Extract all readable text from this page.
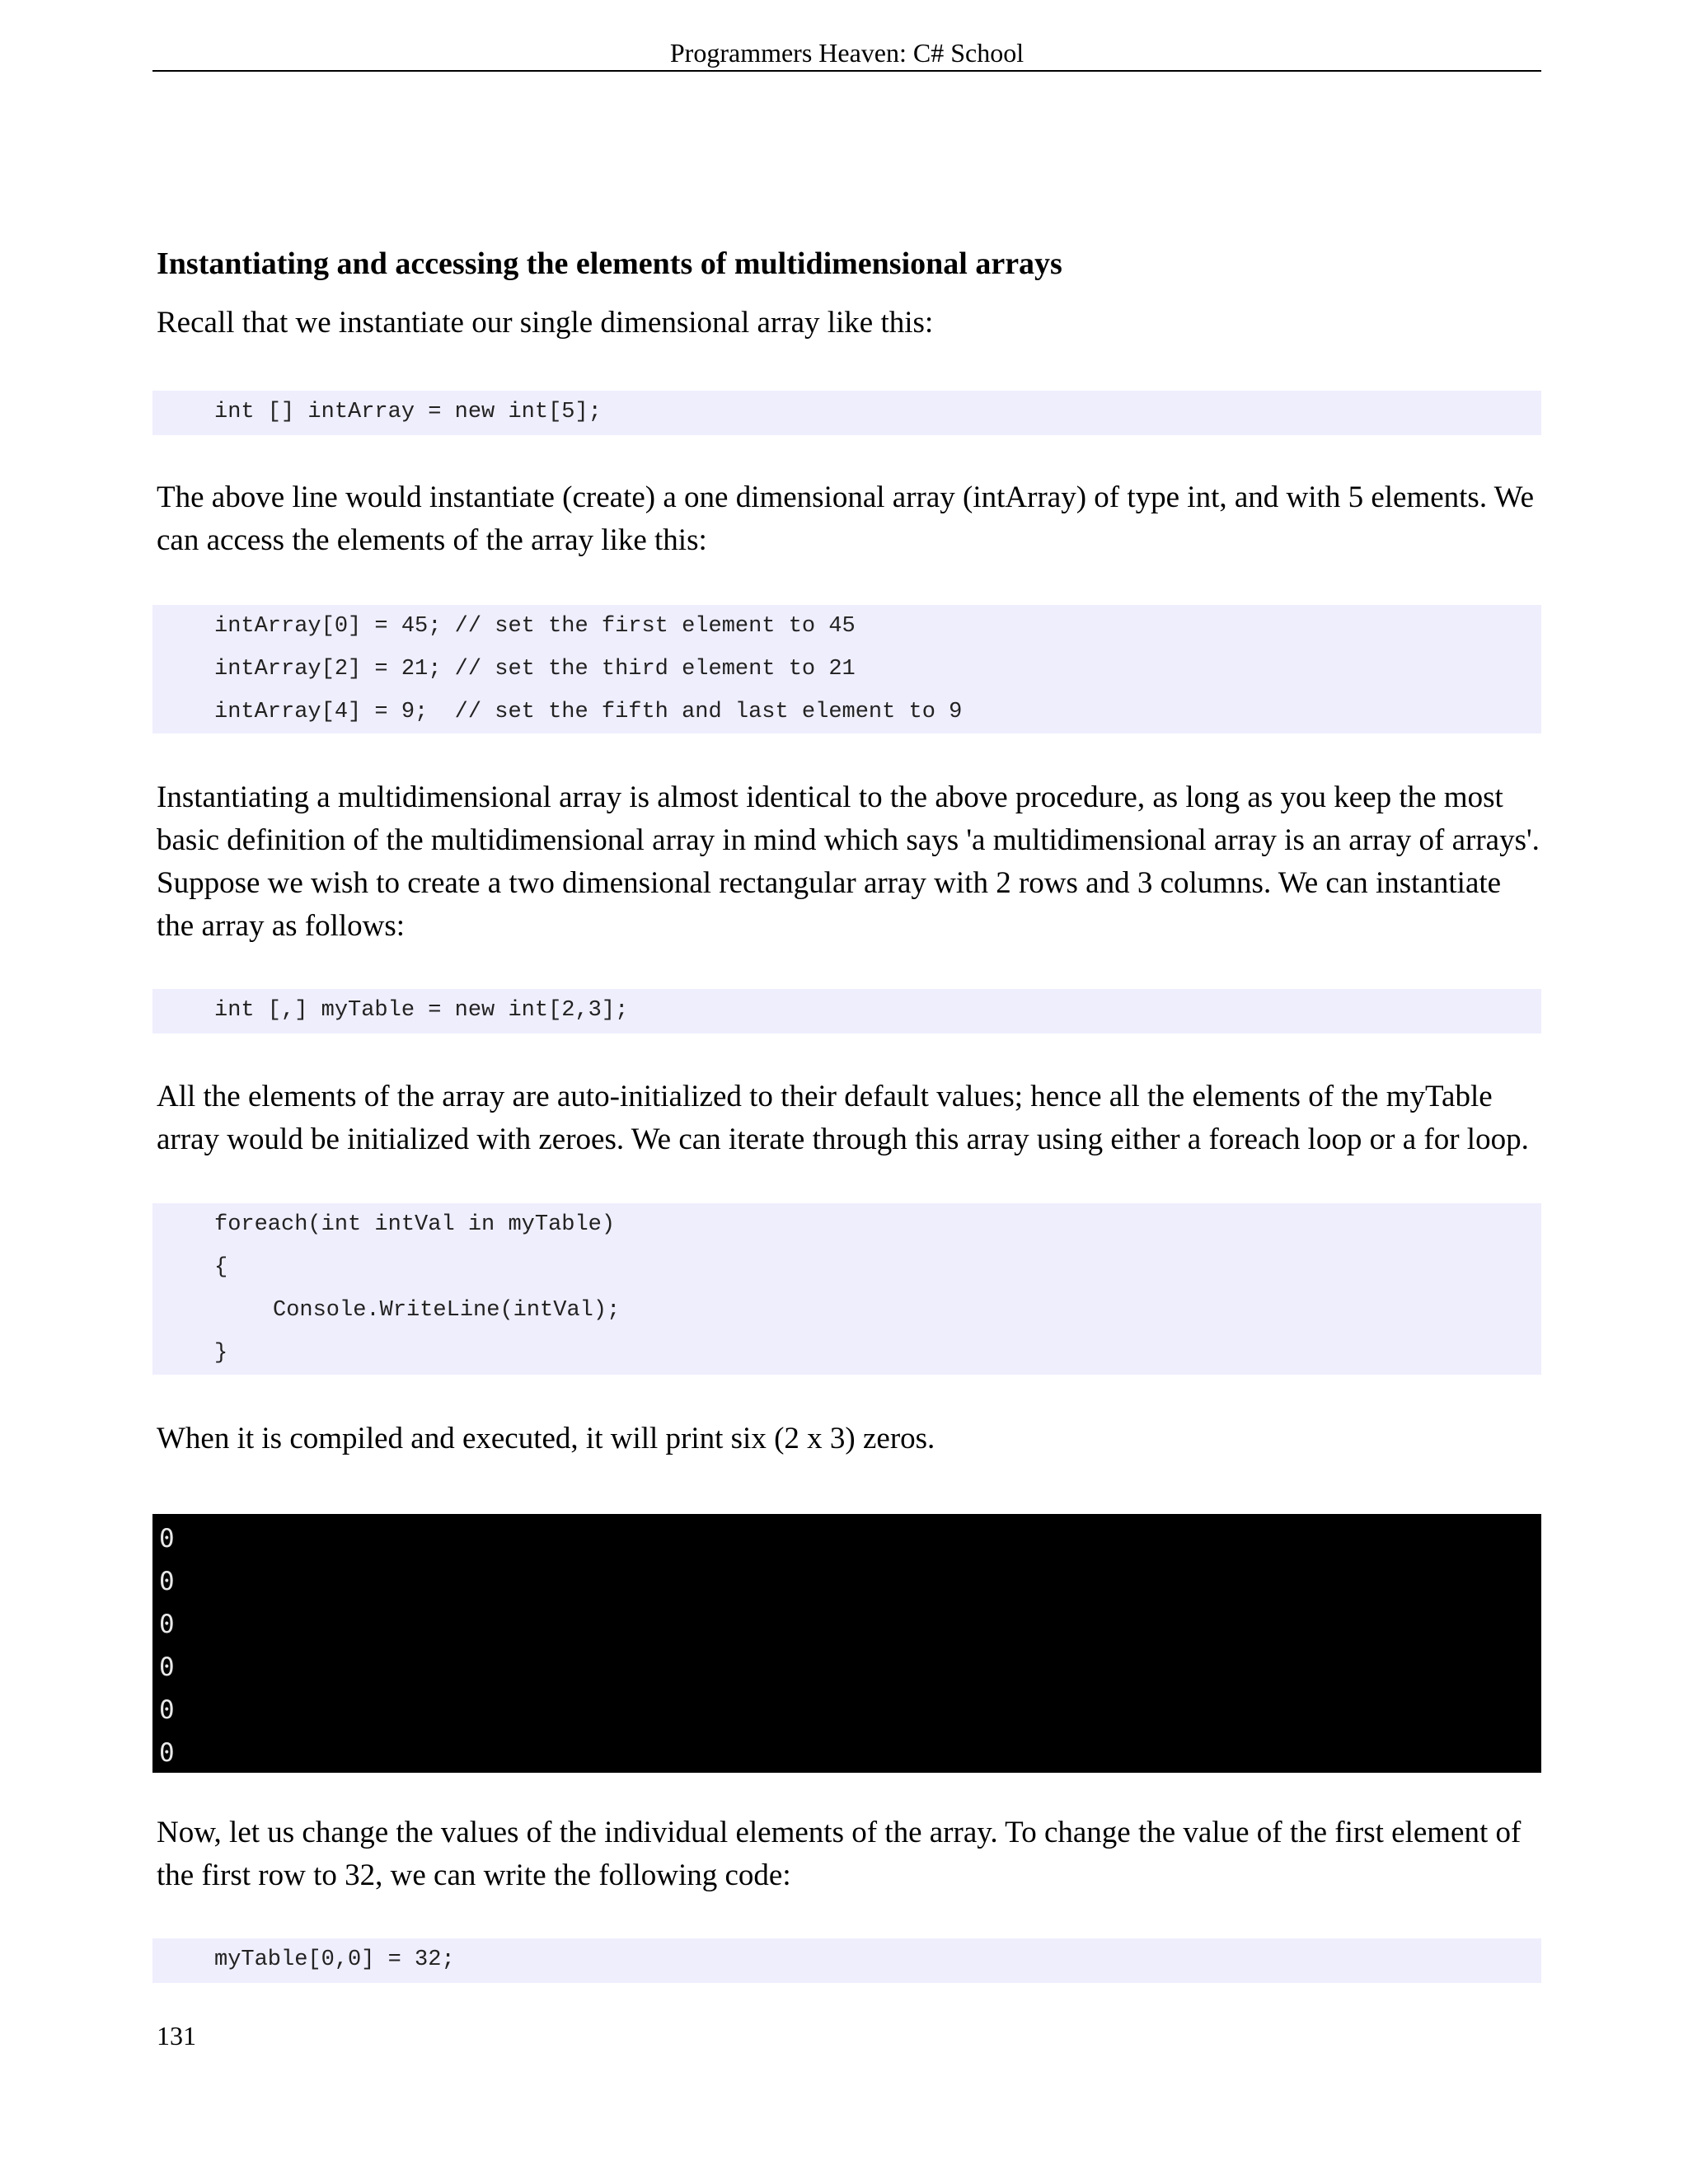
Programmers Heaven: C# School
Instantiating and accessing the elements of multidimensional arrays

Recall that we instantiate our single dimensional array like this:

int [] intArray = new int[5];

The above line would instantiate (create) a one dimensional array (intArray) of type int, and with 5 elements. We can access the elements of the array like this:

intArray[0] = 45; // set the first element to 45
intArray[2] = 21; // set the third element to 21
intArray[4] = 9;  // set the fifth and last element to 9

Instantiating a multidimensional array is almost identical to the above procedure, as long as you keep the most basic definition of the multidimensional array in mind which says 'a multidimensional array is an array of arrays'. Suppose we wish to create a two dimensional rectangular array with 2 rows and 3 columns. We can instantiate the array as follows:

int [,] myTable = new int[2,3];

All the elements of the array are auto-initialized to their default values; hence all the elements of the myTable array would be initialized with zeroes. We can iterate through this array using either a foreach loop or a for loop.

foreach(int intVal in myTable)
{
Console.WriteLine(intVal);
}

When it is compiled and executed, it will print six (2 x 3) zeros.

0
0
0
0
0
0

Now, let us change the values of the individual elements of the array. To change the value of the first element of the first row to 32, we can write the following code:

myTable[0,0] = 32;
131
